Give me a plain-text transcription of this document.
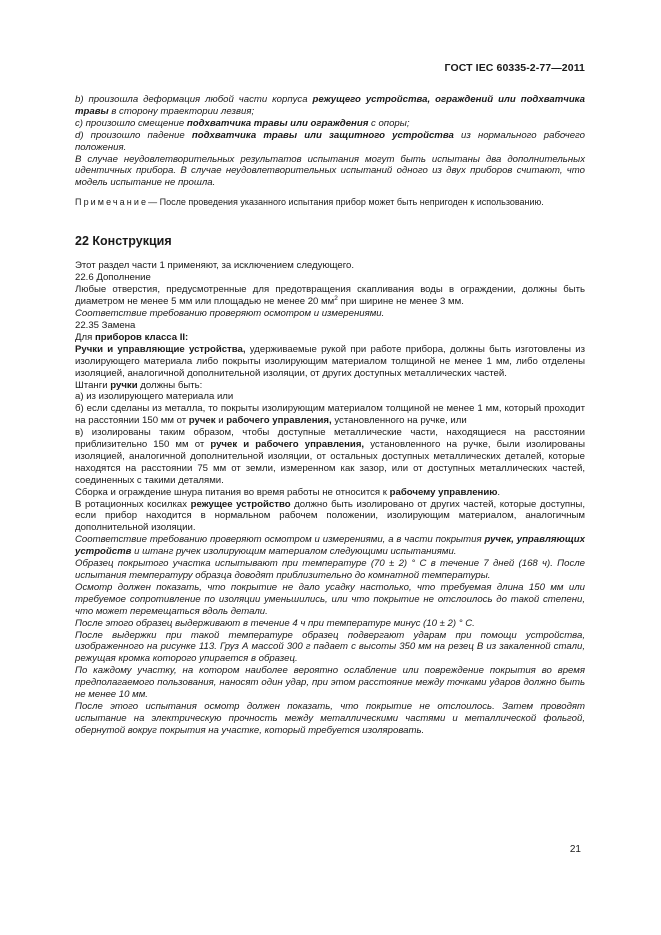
ГОСТ IEC 60335-2-77—2011

b) произошла деформация любой части корпуса режущего устройства, ограждений или подхватчика травы в сторону траектории лезвия;

c) произошло смещение подхватчика травы или ограждения с опоры;

d) произошло падение подхватчика травы или защитного устройства из нормального рабочего положения.

В случае неудовлетворительных результатов испытания могут быть испытаны два дополнительных идентичных прибора. В случае неудовлетворительных испытаний одного из двух приборов считают, что модель испытание не прошла.

Примечание— После проведения указанного испытания прибор может быть непригоден к использованию.

22 Конструкция

Этот раздел части 1 применяют, за исключением следующего.

22.6 Дополнение

Любые отверстия, предусмотренные для предотвращения скапливания воды в ограждении, должны быть диаметром не менее 5 мм или площадью не менее 20 $мм^2$ при ширине не менее 3 мм.

Соответствие требованию проверяют осмотром и измерениями.

22.35 Замена

Для приборов класса II:

Ручки и управляющие устройства, удерживаемые рукой при работе прибора, должны быть изготовлены из изолирующего материала либо покрыты изолирующим материалом толщиной не менее 1 мм, либо отделены изоляцией, аналогичной дополнительной изоляции, от других доступных металлических частей.

Штанги ручки должны быть:

а) из изолирующего материала или

б) если сделаны из металла, то покрыты изолирующим материалом толщиной не менее 1 мм, который проходит на расстоянии 150 мм от ручек и рабочего управления, установленного на ручке, или

в) изолированы таким образом, чтобы доступные металлические части, находящиеся на расстоянии приблизительно 150 мм от ручек и рабочего управления, установленного на ручке, были изолированы изоляцией, аналогичной дополнительной изоляции, от остальных доступных металлических деталей, которые находятся на расстоянии 75 мм от земли, измеренном как зазор, или от доступных металлических частей, соединенных с такими деталями.

Сборка и ограждение шнура питания во время работы не относится к рабочему управлению.

В ротационных косилках режущее устройство должно быть изолировано от других частей, которые доступны, если прибор находится в нормальном рабочем положении, изолирующим материалом, аналогичным дополнительной изоляции.

Соответствие требованию проверяют осмотром и измерениями, а в части покрытия ручек, управляющих устройств и штанг ручек изолирующим материалом следующими испытаниями.

Образец покрытого участка испытывают при температуре (70 ± 2) ° С в течение 7 дней (168 ч). После испытания температуру образца доводят приблизительно до комнатной температуры.

Осмотр должен показать, что покрытие не дало усадку настолько, что требуемая длина 150 мм или требуемое сопротивление по изоляции уменьшились, или что покрытие не отслоилось до такой степени, что может перемещаться вдоль детали.

После этого образец выдерживают в течение 4 ч при температуре минус (10 ± 2) ° С.

После выдержки при такой температуре образец подвергают ударам при помощи устройства, изображенного на рисунке 113. Груз А массой 300 г падает с высоты 350 мм на резец В из закаленной стали, режущая кромка которого упирается в образец.

По каждому участку, на котором наиболее вероятно ослабление или повреждение покрытия во время предполагаемого пользования, наносят один удар, при этом расстояние между точками ударов должно быть не менее 10 мм.

После этого испытания осмотр должен показать, что покрытие не отслоилось. Затем проводят испытание на электрическую прочность между металлическими частями и металлической фольгой, обернутой вокруг покрытия на участке, который требуется изоляровать.

21
